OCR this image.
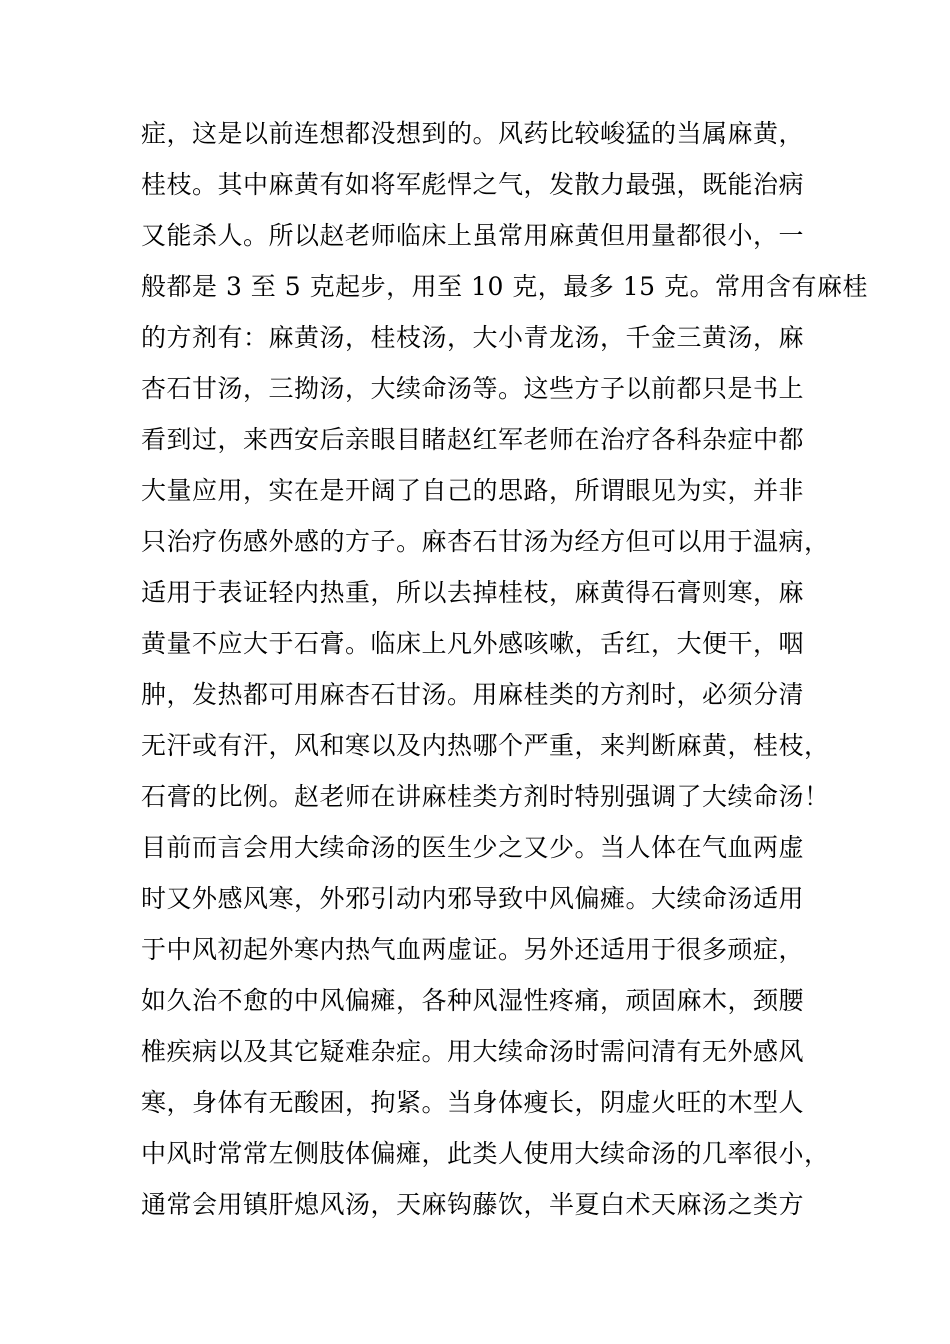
症，这是以前连想都没想到的。风药比较峻猛的当属麻黄，
桂枝。其中麻黄有如将军彪悍之气，发散力最强，既能治病
又能杀人。所以赵老师临床上虽常用麻黄但用量都很小，一
般都是 3 至 5 克起步，用至 10 克，最多 15 克。常用含有麻桂
的方剂有：麻黄汤，桂枝汤，大小青龙汤，千金三黄汤，麻
杏石甘汤，三拗汤，大续命汤等。这些方子以前都只是书上
看到过，来西安后亲眼目睹赵红军老师在治疗各科杂症中都
大量应用，实在是开阔了自己的思路，所谓眼见为实，并非
只治疗伤感外感的方子。麻杏石甘汤为经方但可以用于温病，
适用于表证轻内热重，所以去掉桂枝，麻黄得石膏则寒，麻
黄量不应大于石膏。临床上凡外感咳嗽，舌红，大便干，咽
肿，发热都可用麻杏石甘汤。用麻桂类的方剂时，必须分清
无汗或有汗，风和寒以及内热哪个严重，来判断麻黄，桂枝，
石膏的比例。赵老师在讲麻桂类方剂时特别强调了大续命汤！
目前而言会用大续命汤的医生少之又少。当人体在气血两虚
时又外感风寒，外邪引动内邪导致中风偏瘫。大续命汤适用
于中风初起外寒内热气血两虚证。另外还适用于很多顽症，
如久治不愈的中风偏瘫，各种风湿性疼痛，顽固麻木，颈腰
椎疾病以及其它疑难杂症。用大续命汤时需问清有无外感风
寒，身体有无酸困，拘紧。当身体瘦长，阴虚火旺的木型人
中风时常常左侧肢体偏瘫，此类人使用大续命汤的几率很小，
通常会用镇肝熄风汤，天麻钩藤饮，半夏白术天麻汤之类方
